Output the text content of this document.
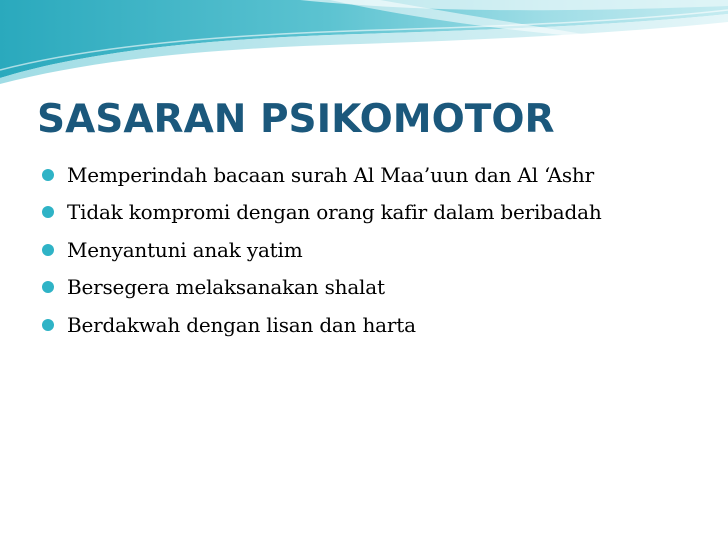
SASARAN PSIKOMOTOR
Memperindah bacaan surah Al Maa’uun dan Al ‘Ashr
Tidak kompromi dengan orang kafir dalam beribadah
Menyantuni anak yatim
Bersegera melaksanakan shalat
Berdakwah dengan lisan dan harta
